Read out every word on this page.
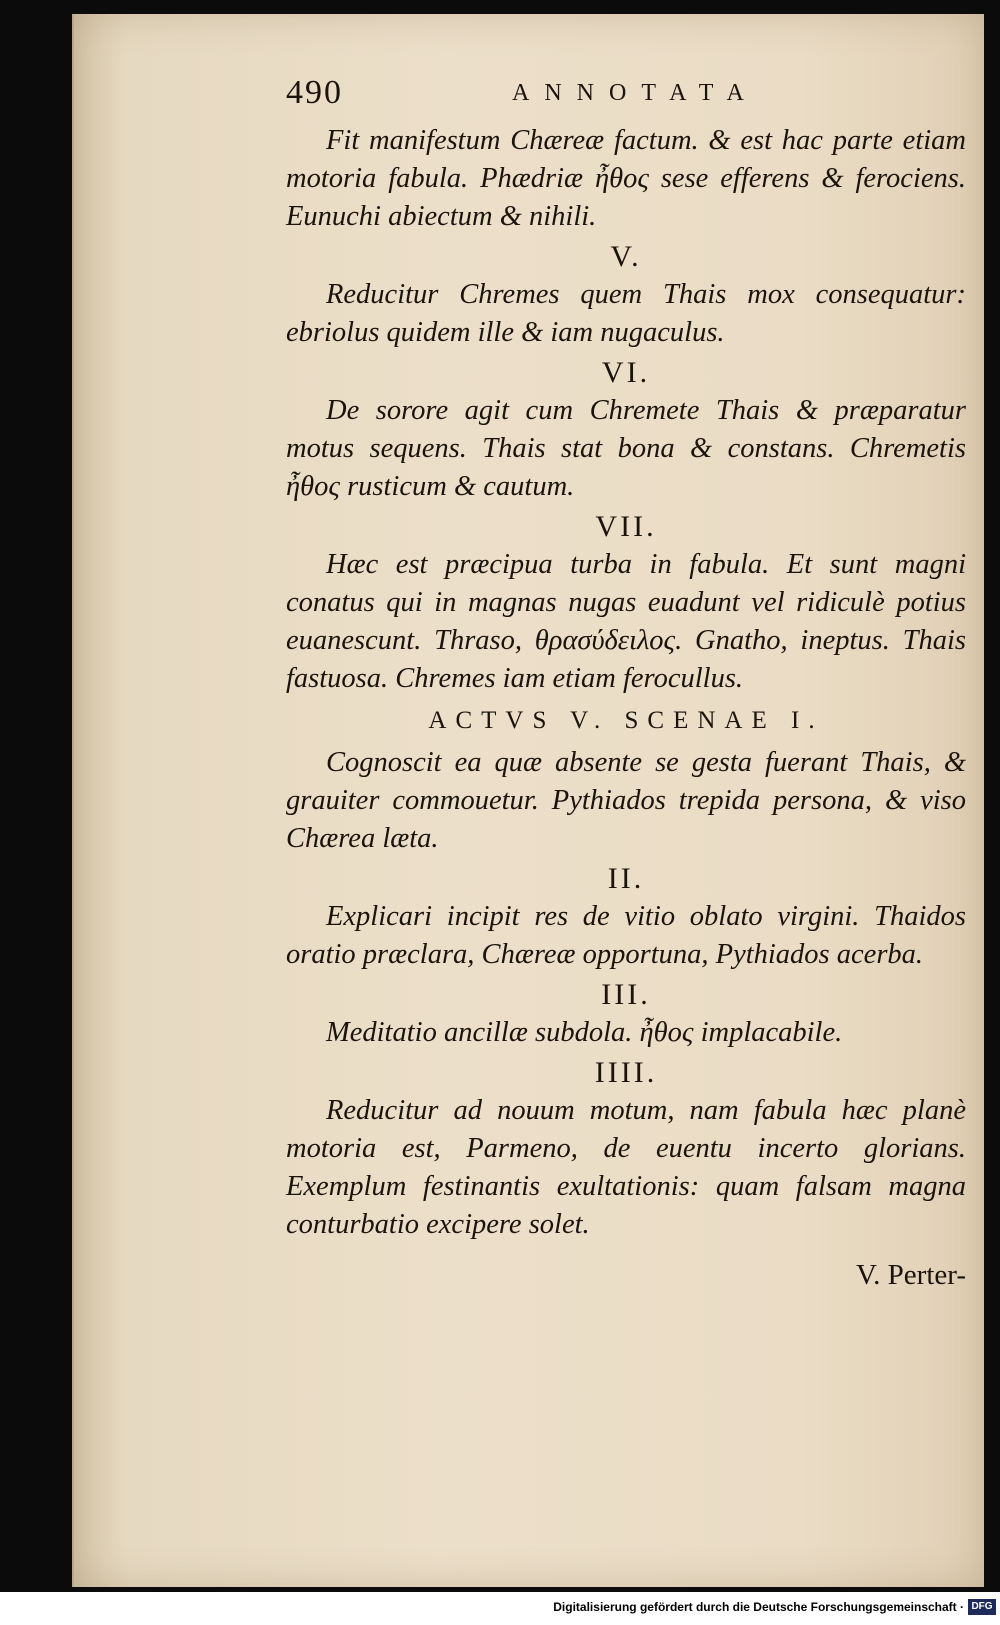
490	ANNOTATA

Fit manifestum Chæreæ factum. & est hac parte etiam motoria fabula. Phædriæ ἦθος sese efferens & ferociens. Eunuchi abiectum & nihili.

V.

Reducitur Chremes quem Thais mox consequatur: ebriolus quidem ille & iam nugaculus.

VI.

De sorore agit cum Chremete Thais & præparatur motus sequens. Thais stat bona & constans. Chremetis ἦθος rusticum & cautum.

VII.

Hæc est præcipua turba in fabula. Et sunt magni conatus qui in magnas nugas euadunt vel ridiculè potius euanescunt. Thraso, θρασύδειλος. Gnatho, ineptus. Thais fastuosa. Chremes iam etiam ferocullus.

ACTVS V. SCENAE I.

Cognoscit ea quæ absente se gesta fuerant Thais, & grauiter commouetur. Pythiados trepida persona, & viso Chærea læta.

II.

Explicari incipit res de vitio oblato virgini. Thaidos oratio præclara, Chæreæ opportuna, Pythiados acerba.

III.

Meditatio ancillæ subdola. ἦθος implacabile.

IIII.

Reducitur ad nouum motum, nam fabula hæc planè motoria est, Parmeno, de euentu incerto glorians. Exemplum festinantis exultationis: quam falsam magna conturbatio excipere solet.

V. Perter-
Digitalisierung gefördert durch die Deutsche Forschungsgemeinschaft · DFG
